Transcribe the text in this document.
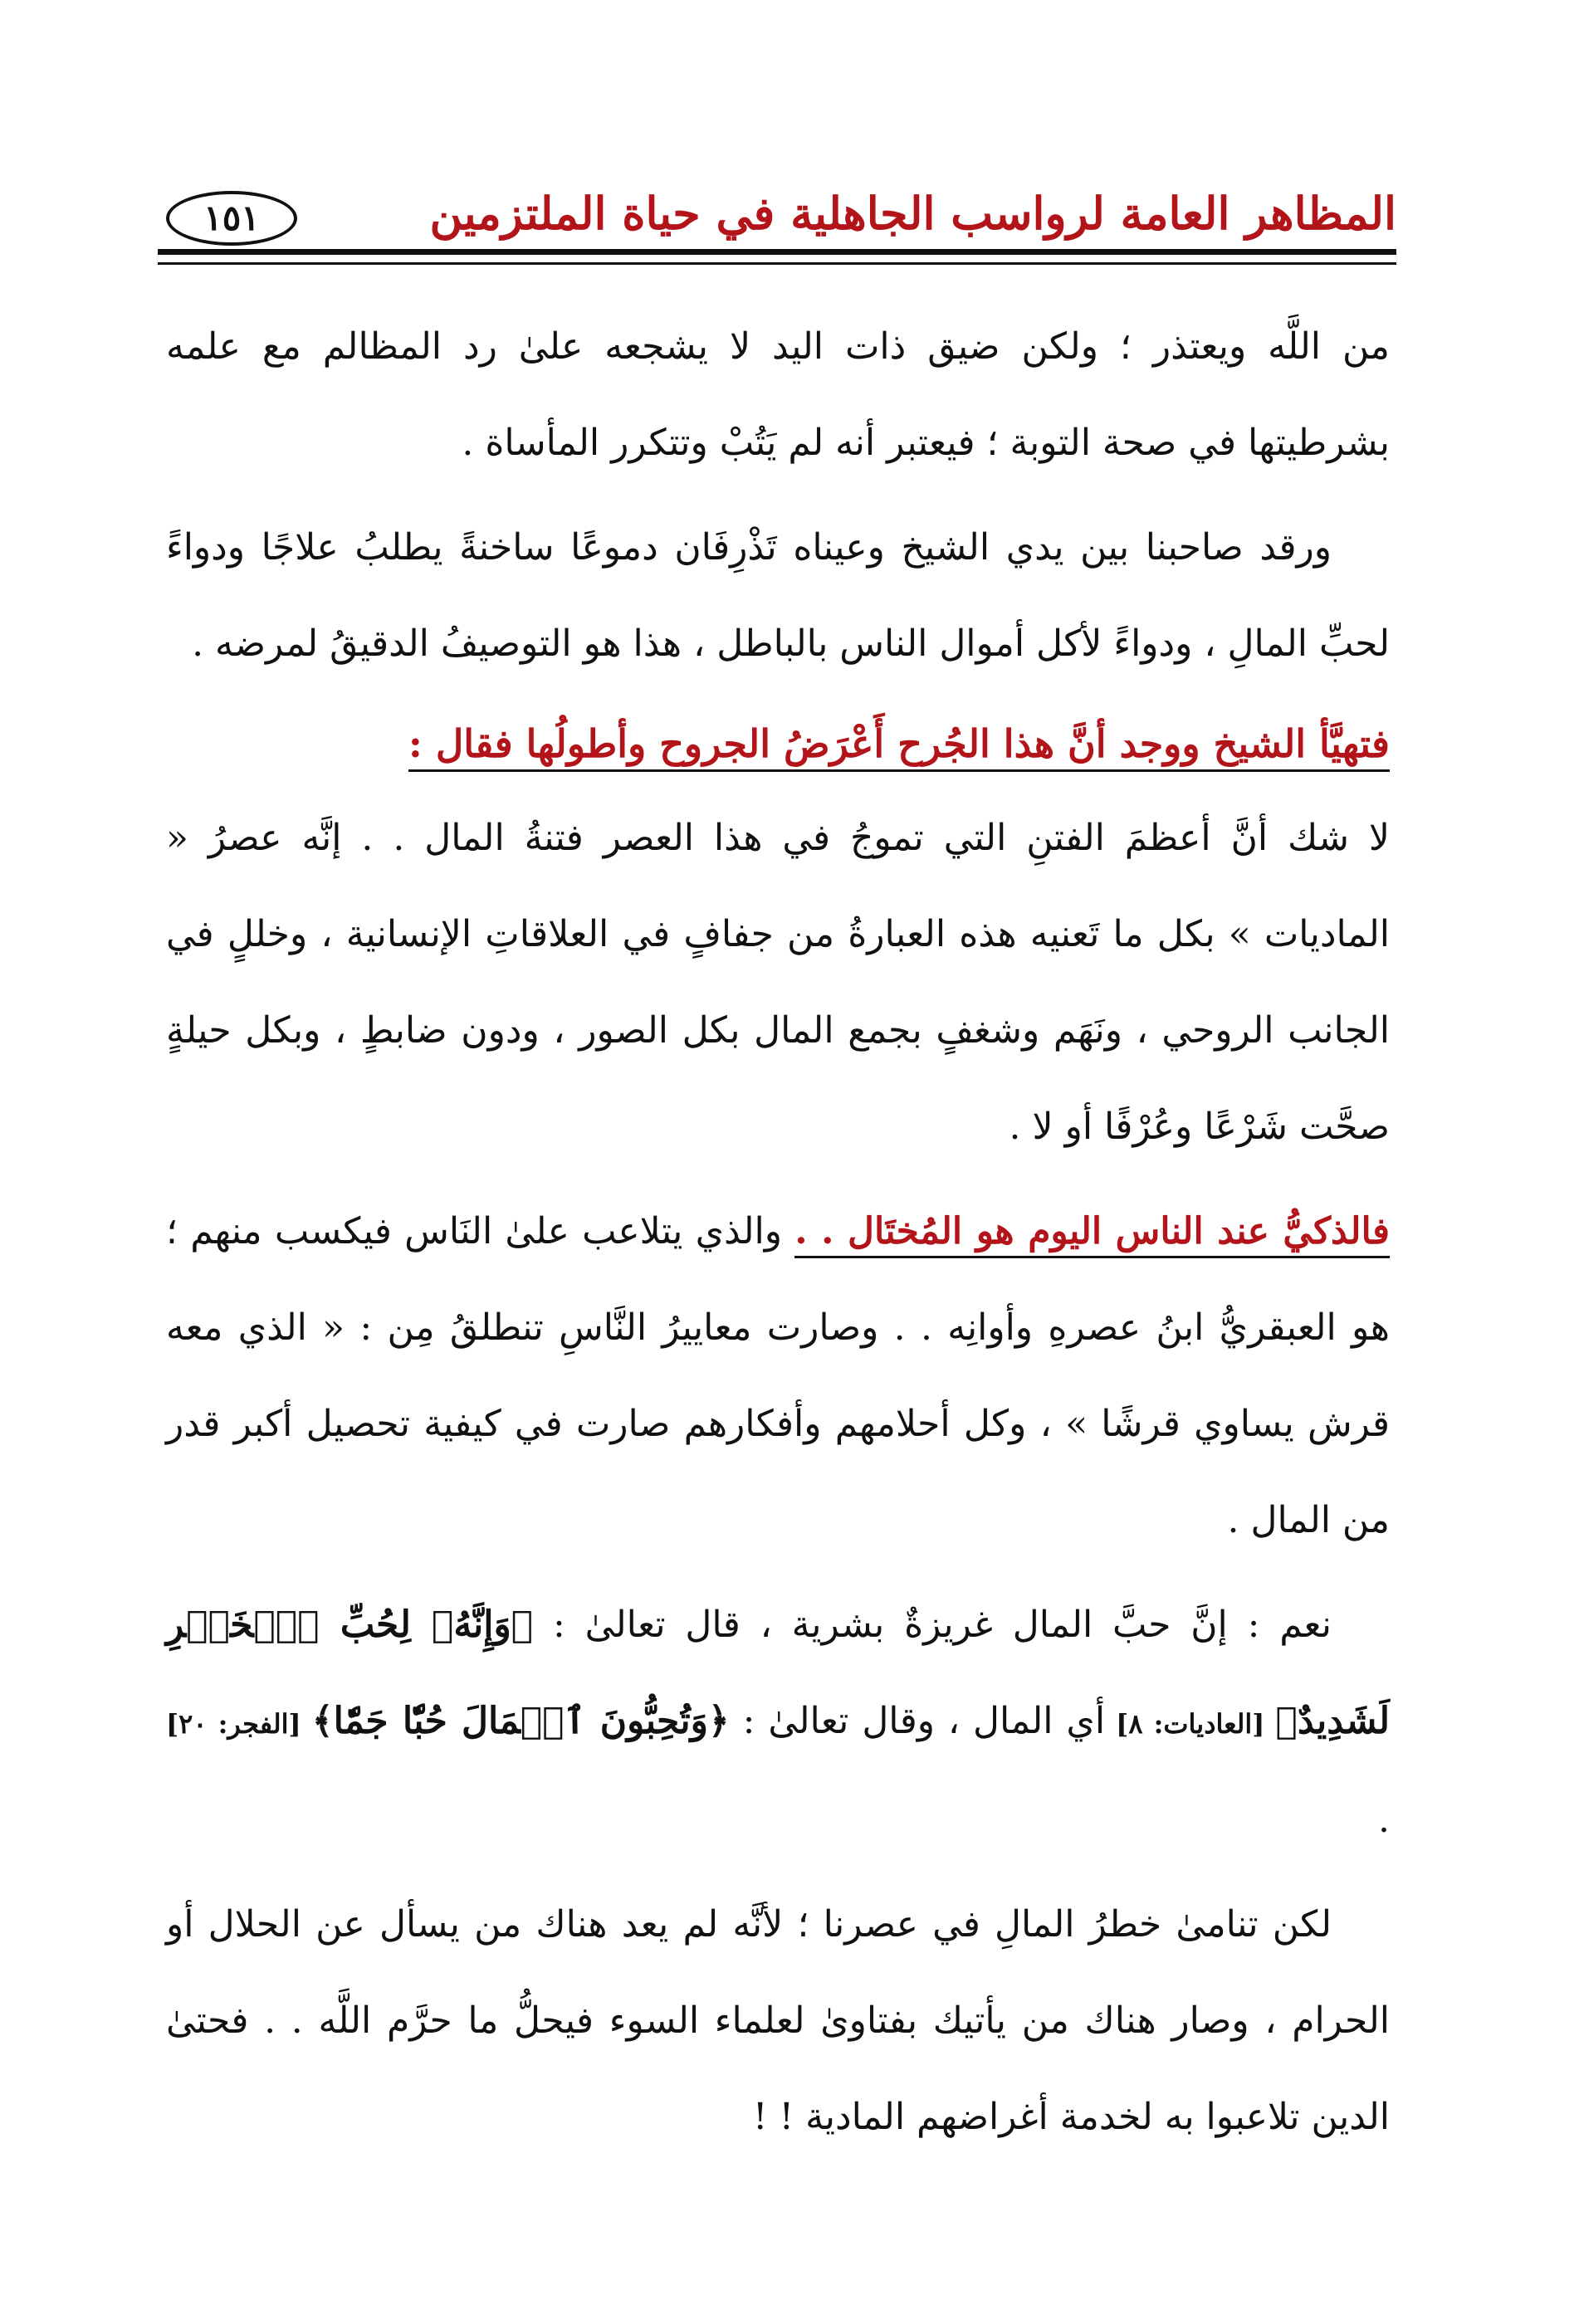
المظاهر العامة لرواسب الجاهلية في حياة الملتزمين
١٥١

من اللَّه ويعتذر ؛ ولكن ضيق ذات اليد لا يشجعه علىٰ رد المظالم مع علمه بشرطيتها في صحة التوبة ؛ فيعتبر أنه لم يَتُبْ وتتكرر المأساة .

ورقد صاحبنا بين يدي الشيخ وعيناه تَذْرِفَان دموعًا ساخنةً يطلبُ علاجًا ودواءً لحبِّ المالِ ، ودواءً لأكل أموال الناس بالباطل ، هذا هو التوصيفُ الدقيقُ لمرضه .

فتهيَّأ الشيخ ووجد أنَّ هذا الجُرح أَعْرَضُ الجروح وأطولُها فقال :

لا شك أنَّ أعظمَ الفتنِ التي تموجُ في هذا العصر فتنةُ المال . . إنَّه عصرُ « الماديات » بكل ما تَعنيه هذه العبارةُ من جفافٍ في العلاقاتِ الإنسانية ، وخللٍ في الجانب الروحي ، ونَهَم وشغفٍ بجمع المال بكل الصور ، ودون ضابطٍ ، وبكل حيلةٍ صحَّت شَرْعًا وعُرْفًا أو لا .

فالذكيُّ عند الناس اليوم هو المُختَال . . والذي يتلاعب علىٰ النَاس فيكسب منهم ؛ هو العبقريُّ ابنُ عصرهِ وأوانِه . . وصارت معاييرُ النَّاسِ تنطلقُ مِن : « الذي معه قرش يساوي قرشًا » ، وكل أحلامهم وأفكارهم صارت في كيفية تحصيل أكبر قدر من المال .

نعم : إنَّ حبَّ المال غريزةٌ بشرية ، قال تعالىٰ : ﴿وَإِنَّهُۥ لِحُبِّ ٱلۡخَيۡرِ لَشَدِيدٌ﴾ [العاديات: ٨] أي المال ، وقال تعالىٰ : ﴿وَتُحِبُّونَ ٱلۡمَالَ حُبّٗا جَمّٗا﴾ [الفجر: ٢٠] .

لكن تنامىٰ خطرُ المالِ في عصرنا ؛ لأنَّه لم يعد هناك من يسأل عن الحلال أو الحرام ، وصار هناك من يأتيك بفتاوىٰ لعلماء السوء فيحلُّ ما حرَّم اللَّه . . فحتىٰ الدين تلاعبوا به لخدمة أغراضهم المادية ! !
